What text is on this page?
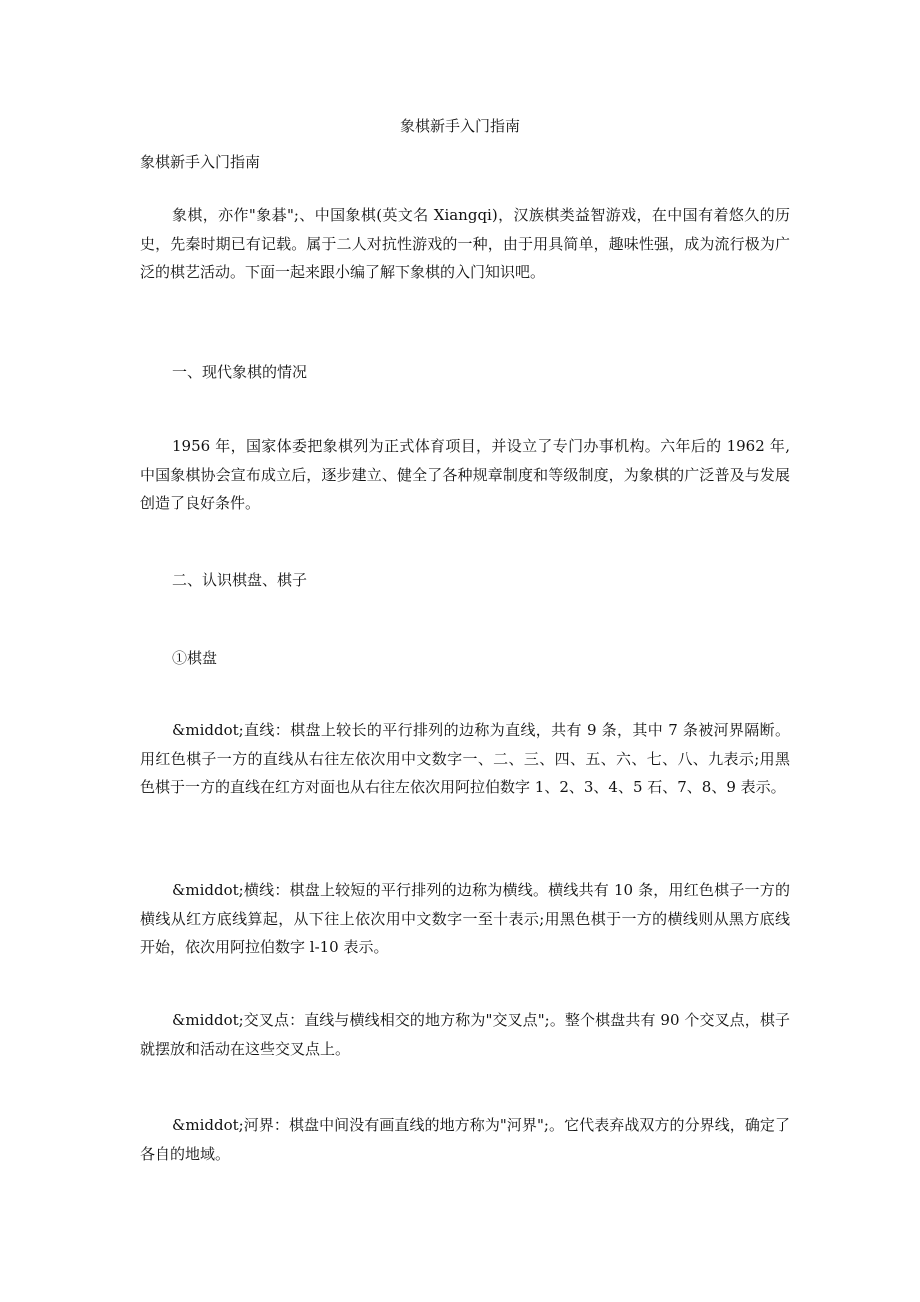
象棋新手入门指南
象棋新手入门指南

象棋，亦作"象碁";、中国象棋(英文名 Xiangqi)，汉族棋类益智游戏，在中国有着悠久的历史，先秦时期已有记载。属于二人对抗性游戏的一种，由于用具简单，趣味性强，成为流行极为广泛的棋艺活动。下面一起来跟小编了解下象棋的入门知识吧。

一、现代象棋的情况

1956 年，国家体委把象棋列为正式体育项目，并设立了专门办事机构。六年后的 1962 年,中国象棋协会宣布成立后，逐步建立、健全了各种规章制度和等级制度，为象棋的广泛普及与发展创造了良好条件。

二、认识棋盘、棋子

①棋盘

&middot;直线：棋盘上较长的平行排列的边称为直线，共有 9 条，其中 7 条被河界隔断。用红色棋子一方的直线从右往左依次用中文数字一、二、三、四、五、六、七、八、九表示;用黑色棋于一方的直线在红方对面也从右往左依次用阿拉伯数字 1、2、3、4、5 石、7、8、9 表示。

&middot;横线：棋盘上较短的平行排列的边称为横线。横线共有 10 条，用红色棋子一方的横线从红方底线算起，从下往上依次用中文数字一至十表示;用黑色棋于一方的横线则从黑方底线开始，依次用阿拉伯数字 l-10 表示。

&middot;交叉点：直线与横线相交的地方称为"交叉点";。整个棋盘共有 90 个交叉点，棋子就摆放和活动在这些交叉点上。

&middot;河界：棋盘中间没有画直线的地方称为"河界";。它代表弃战双方的分界线，确定了各自的地域。
